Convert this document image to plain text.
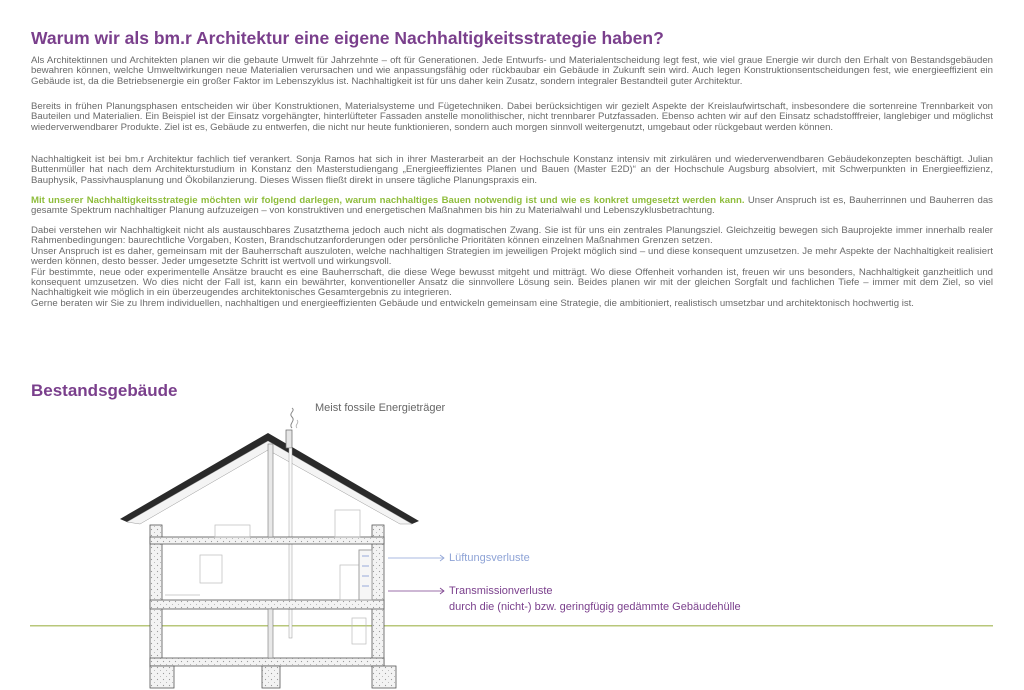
Warum wir als bm.r Architektur eine eigene Nachhaltigkeitsstrategie haben?

Als Architektinnen und Architekten planen wir die gebaute Umwelt für Jahrzehnte – oft für Generationen. Jede Entwurfs- und Materialentscheidung legt fest, wie viel graue Energie wir durch den Erhalt von Bestandsgebäuden bewahren können, welche Umweltwirkungen neue Materialien verursachen und wie anpassungsfähig oder rückbaubar ein Gebäude in Zukunft sein wird. Auch legen Konstruktionsentscheidungen fest, wie energieeffizient ein Gebäude ist, da die Betriebsenergie ein großer Faktor im Lebenszyklus ist. Nachhaltigkeit ist für uns daher kein Zusatz, sondern integraler Bestandteil guter Architektur.

Bereits in frühen Planungsphasen entscheiden wir über Konstruktionen, Materialsysteme und Fügetechniken. Dabei berücksichtigen wir gezielt Aspekte der Kreislaufwirtschaft, insbesondere die sortenreine Trennbarkeit von Bauteilen und Materialien. Ein Beispiel ist der Einsatz vorgehängter, hinterlüfteter Fassaden anstelle monolithischer, nicht trennbarer Putzfassaden. Ebenso achten wir auf den Einsatz schadstofffreier, langlebiger und möglichst wiederverwendbarer Produkte. Ziel ist es, Gebäude zu entwerfen, die nicht nur heute funktionieren, sondern auch morgen sinnvoll weitergenutzt, umgebaut oder rückgebaut werden können.

Nachhaltigkeit ist bei bm.r Architektur fachlich tief verankert. Sonja Ramos hat sich in ihrer Masterarbeit an der Hochschule Konstanz intensiv mit zirkulären und wiederverwendbaren Gebäudekonzepten beschäftigt. Julian Buttenmüller hat nach dem Architekturstudium in Konstanz den Masterstudiengang „Energieeffizientes Planen und Bauen (Master E2D)“ an der Hochschule Augsburg absolviert, mit Schwerpunkten in Energieeffizienz, Bauphysik, Passivhausplanung und Ökobilanzierung. Dieses Wissen fließt direkt in unsere tägliche Planungspraxis ein.

Mit unserer Nachhaltigkeitsstrategie möchten wir folgend darlegen, warum nachhaltiges Bauen notwendig ist und wie es konkret umgesetzt werden kann. Unser Anspruch ist es, Bauherrinnen und Bauherren das gesamte Spektrum nachhaltiger Planung aufzuzeigen – von konstruktiven und energetischen Maßnahmen bis hin zu Materialwahl und Lebenszyklusbetrachtung.

Dabei verstehen wir Nachhaltigkeit nicht als austauschbares Zusatzthema jedoch auch nicht als dogmatischen Zwang. Sie ist für uns ein zentrales Planungsziel. Gleichzeitig bewegen sich Bauprojekte immer innerhalb realer Rahmenbedingungen: baurechtliche Vorgaben, Kosten, Brandschutzanforderungen oder persönliche Prioritäten können einzelnen Maßnahmen Grenzen setzen.

Unser Anspruch ist es daher, gemeinsam mit der Bauherrschaft auszuloten, welche nachhaltigen Strategien im jeweiligen Projekt möglich sind – und diese konsequent umzusetzen. Je mehr Aspekte der Nachhaltigkeit realisiert werden können, desto besser. Jeder umgesetzte Schritt ist wertvoll und wirkungsvoll.

Für bestimmte, neue oder experimentelle Ansätze braucht es eine Bauherrschaft, die diese Wege bewusst mitgeht und mitträgt. Wo diese Offenheit vorhanden ist, freuen wir uns besonders, Nachhaltigkeit ganzheitlich und konsequent umzusetzen. Wo dies nicht der Fall ist, kann ein bewährter, konventioneller Ansatz die sinnvollere Lösung sein. Beides planen wir mit der gleichen Sorgfalt und fachlichen Tiefe – immer mit dem Ziel, so viel Nachhaltigkeit wie möglich in ein überzeugendes architektonisches Gesamtergebnis zu integrieren.

Gerne beraten wir Sie zu Ihrem individuellen, nachhaltigen und energieeffizienten Gebäude und entwickeln gemeinsam eine Strategie, die ambitioniert, realistisch umsetzbar und architektonisch hochwertig ist.

Bestandsgebäude
Meist fossile Energieträger
Lüftungsverluste
Transmissionverluste
durch die (nicht-) bzw. geringfügig gedämmte Gebäudehülle
